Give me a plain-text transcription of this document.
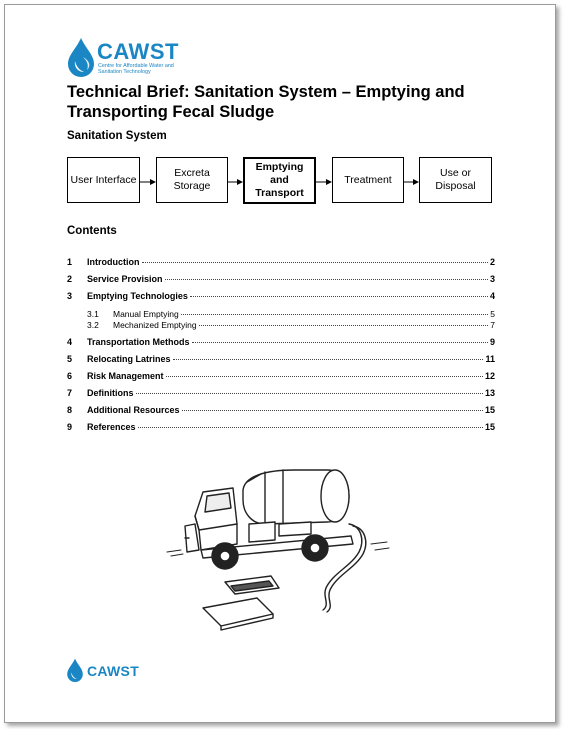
CAWST
Centre for Affordable Water and Sanitation Technology
Technical Brief: Sanitation System – Emptying and Transporting Fecal Sludge
Sanitation System
User Interface
Excreta Storage
Emptying and Transport
Treatment
Use or Disposal
Contents
1	Introduction	2
2	Service Provision	3
3	Emptying Technologies	4
3.1	Manual Emptying	5
3.2	Mechanized Emptying	7
4	Transportation Methods	9
5	Relocating Latrines	11
6	Risk Management	12
7	Definitions	13
8	Additional Resources	15
9	References	15
CAWST
